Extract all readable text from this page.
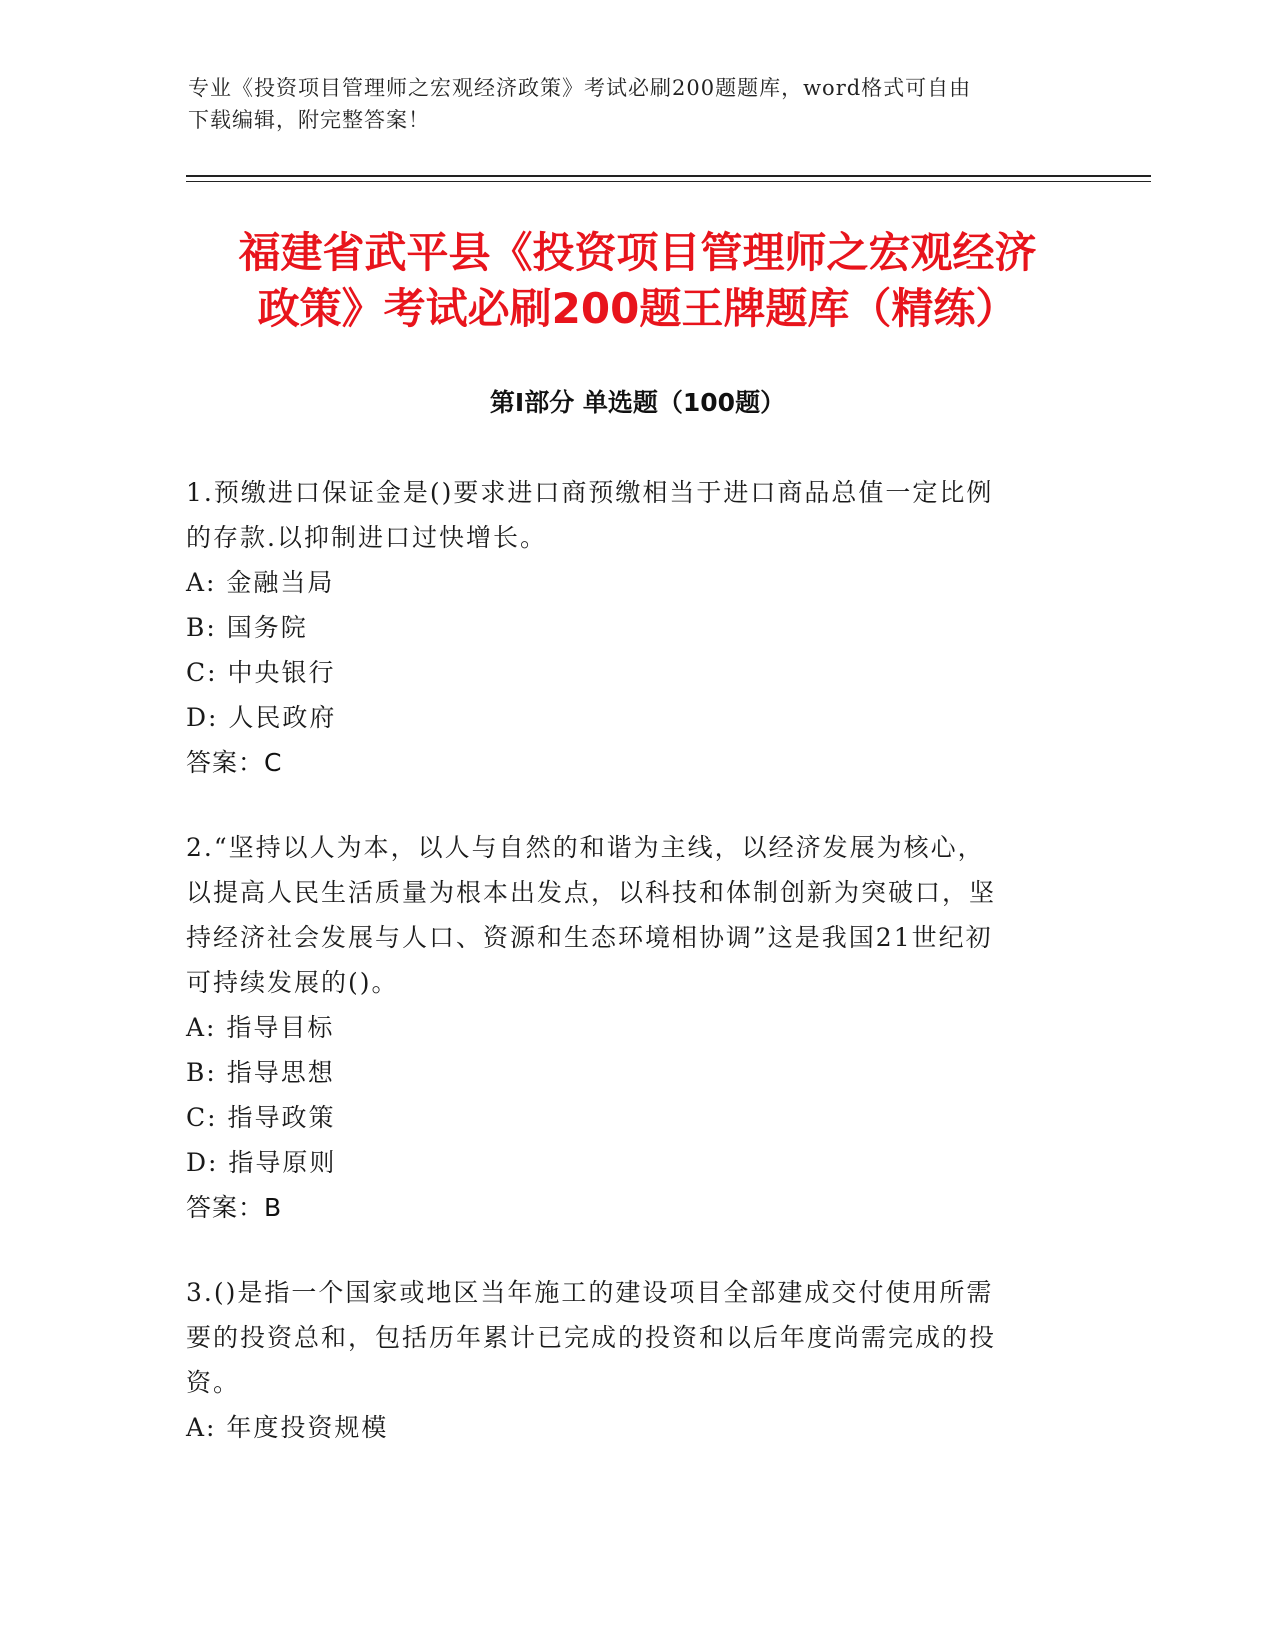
专业《投资项目管理师之宏观经济政策》考试必刷200题题库，word格式可自由
下载编辑，附完整答案！
福建省武平县《投资项目管理师之宏观经济
政策》考试必刷200题王牌题库（精练）
第Ⅰ部分 单选题（100题）
1.预缴进口保证金是()要求进口商预缴相当于进口商品总值一定比例
的存款.以抑制进口过快增长。
A: 金融当局
B: 国务院
C: 中央银行
D: 人民政府
答案：C
2.“坚持以人为本，以人与自然的和谐为主线，以经济发展为核心，
以提高人民生活质量为根本出发点，以科技和体制创新为突破口，坚
持经济社会发展与人口、资源和生态环境相协调”这是我国21世纪初
可持续发展的()。
A: 指导目标
B: 指导思想
C: 指导政策
D: 指导原则
答案：B
3.()是指一个国家或地区当年施工的建设项目全部建成交付使用所需
要的投资总和，包括历年累计已完成的投资和以后年度尚需完成的投
资。
A: 年度投资规模
